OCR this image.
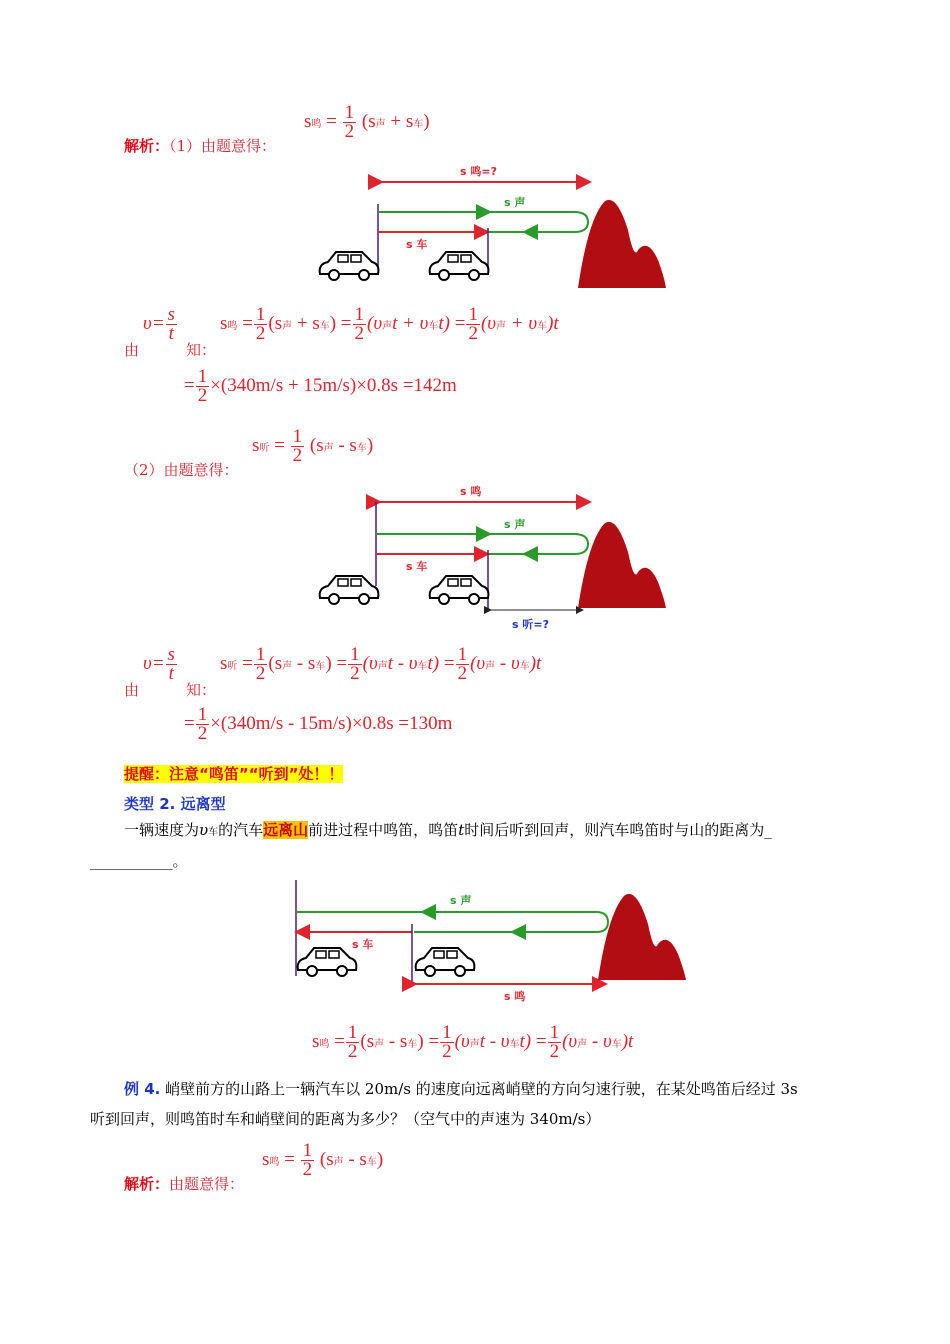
解析：（1）由题意得：
s鸣 = $\frac{1}{2} (s$声 + s车)
s 鸣=?
s 声
s 车
$\upsilon= \frac{s}{t}$
由	知：
s鸣 = $\frac{1}{2} (s$声 + s车) = $\frac{1}{2} (\upsilon$声t + υ车$t) = \frac{1}{2} (\upsilon$声 + υ车)t
= $\frac{1}{2} \times(340m/s + 15m/s)\times 0.8s =142m$
（2）由题意得：
s听 = $\frac{1}{2} (s$声 - s车)
s 鸣
s 声
s 车
s 听=?
$\upsilon= \frac{s}{t}$
由	知：
s听 = $\frac{1}{2} (s$声 - s车) = $\frac{1}{2} (\upsilon$声t - υ车$t) = \frac{1}{2} (\upsilon$声 - υ车)t
= $\frac{1}{2} \times(340m/s - 15m/s)\times 0.8s =130m$
提醒：注意“鸣笛”“听到”处！！
类型 2. 远离型
一辆速度为υ车的汽车远离山前进过程中鸣笛，鸣笛t时间后听到回声，则汽车鸣笛时与山的距离为_
___________。
s 声
s 车
s 鸣
s鸣 = $\frac{1}{2} (s$声 - s车) = $\frac{1}{2} (\upsilon$声t - υ车$t) = \frac{1}{2} (\upsilon$声 - υ车)t
例 4. 峭壁前方的山路上一辆汽车以 20m/s 的速度向远离峭壁的方向匀速行驶，在某处鸣笛后经过 3s
听到回声，则鸣笛时车和峭壁间的距离为多少？（空气中的声速为 340m/s）
解析：由题意得：
s鸣 = $\frac{1}{2} (s$声 - s车)
